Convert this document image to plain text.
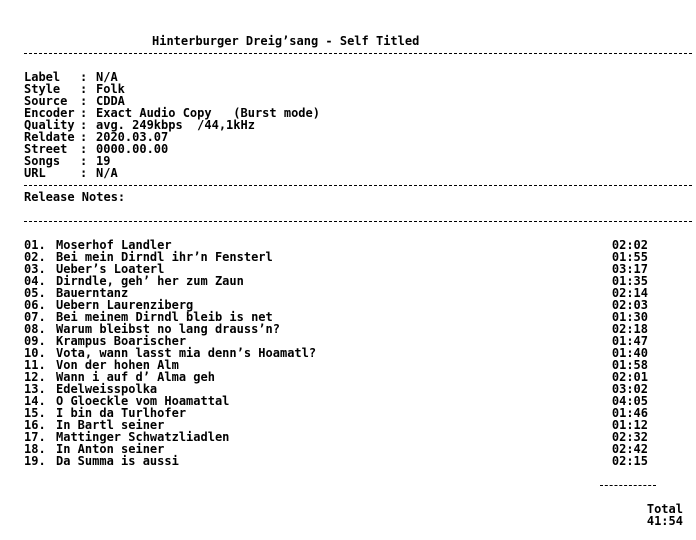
Hinterburger Dreig’sang - Self Titled
Label	: N/A
Style	: Folk
Source	: CDDA
Encoder : Exact Audio Copy   (Burst mode)
Quality : avg. 249kbps  /44,1kHz
Reldate : 2020.03.07
Street	: 0000.00.00
Songs	: 19
URL	: N/A
Release Notes:
01. Moserhof Landler	02:02
02. Bei mein Dirndl ihr’n Fensterl	01:55
03. Ueber’s Loaterl	03:17
04. Dirndle, geh’ her zum Zaun	01:35
05. Bauerntanz	02:14
06. Uebern Laurenziberg	02:03
07. Bei meinem Dirndl bleib is net	01:30
08. Warum bleibst no lang drauss’n?	02:18
09. Krampus Boarischer	01:47
10. Vota, wann lasst mia denn’s Hoamatl?	01:40
11. Von der hohen Alm	01:58
12. Wann i auf d’ Alma geh	02:01
13. Edelweisspolka	03:02
14. O Gloeckle vom Hoamattal	04:05
15. I bin da Turlhofer	01:46
16. In Bartl seiner	01:12
17. Mattinger Schwatzliadlen	02:32
18. In Anton seiner	02:42
19. Da Summa is aussi	02:15

Total

41:54
